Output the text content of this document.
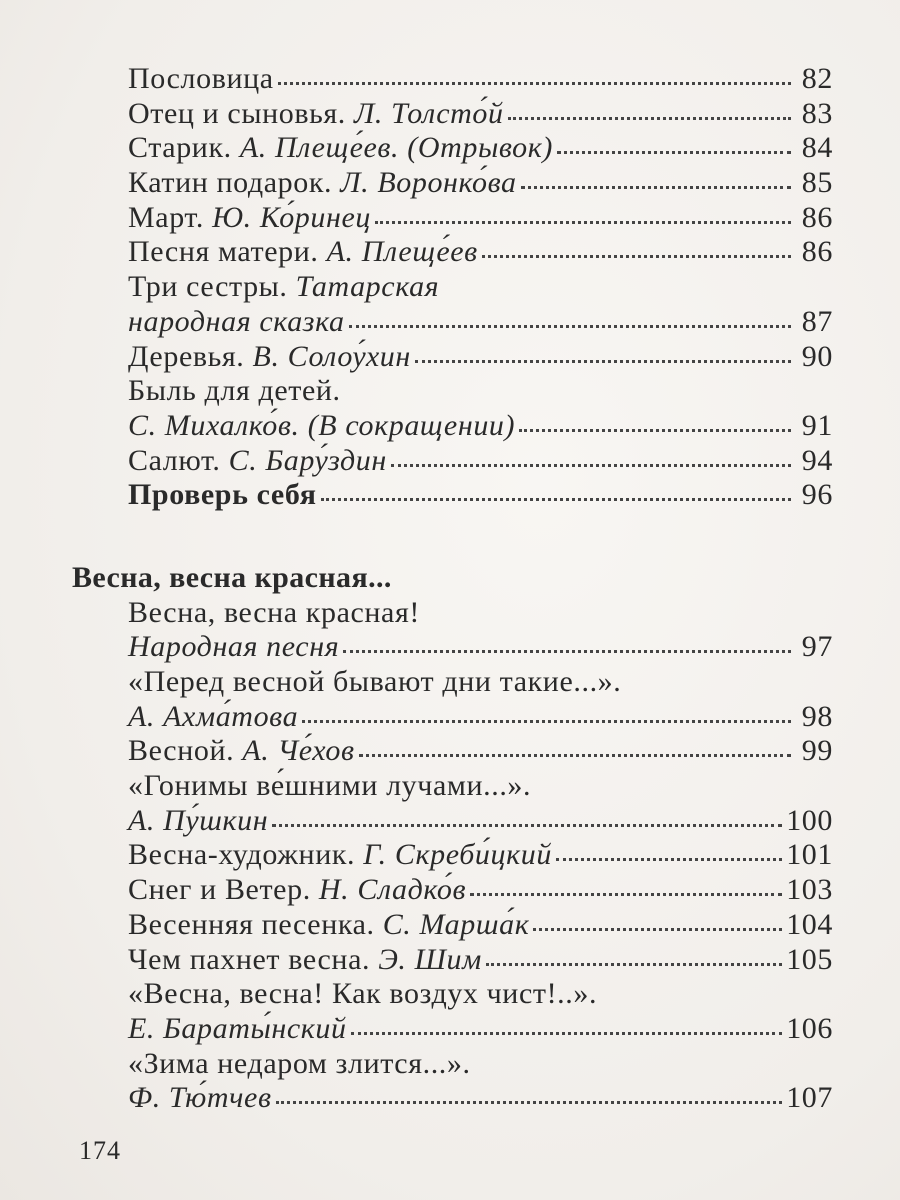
Пословица	82
Отец и сыновья. Л. Толсто́й	83
Старик. А. Плеще́ев. (Отрывок)	84
Катин подарок. Л. Воронко́ва	85
Март. Ю. Ко́ринец	86
Песня матери. А. Плеще́ев	86
Три сестры. Татарская
народная сказка	87
Деревья. В. Солоу́хин	90
Быль для детей.
С. Михалко́в. (В сокращении)	91
Салют. С. Бару́здин	94
Проверь себя	96
Весна, весна красная...
Весна, весна красная!
Народная песня	97
«Перед весной бывают дни такие...».
А. Ахма́това	98
Весной. А. Че́хов	99
«Гонимы ве́шними лучами...».
А. Пу́шкин	100
Весна-художник. Г. Скреби́цкий	101
Снег и Ветер. Н. Сладко́в	103
Весенняя песенка. С. Марша́к	104
Чем пахнет весна. Э. Шим	105
«Весна, весна! Как воздух чист!..».
Е. Бараты́нский	106
«Зима недаром злится...».
Ф. Тю́тчев	107
174
